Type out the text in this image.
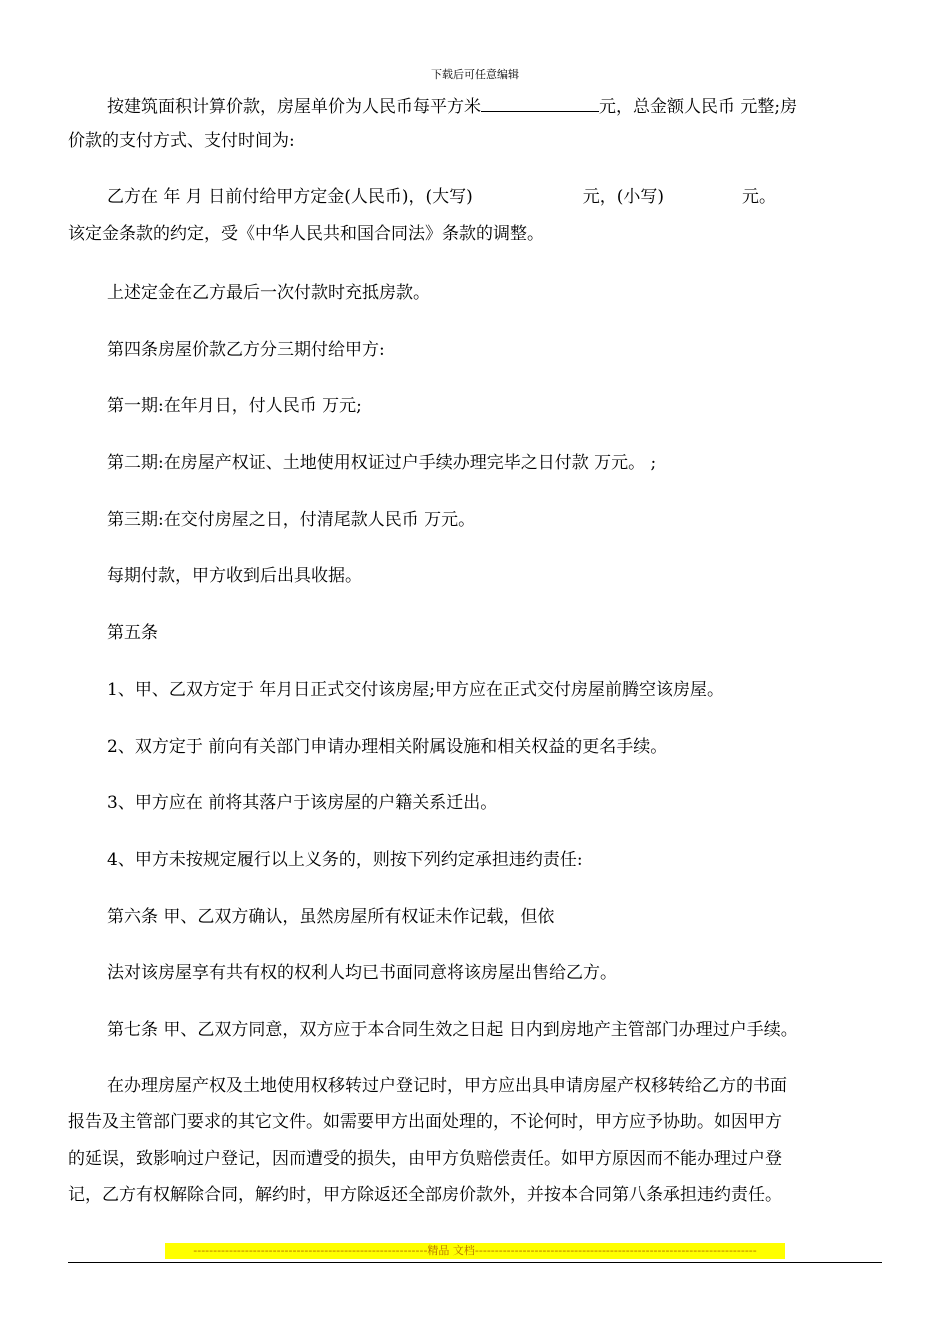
下载后可任意编辑
按建筑面积计算价款，房屋单价为人民币每平方米	元，总金额人民币 元整;房
价款的支付方式、支付时间为:
乙方在 年 月 日前付给甲方定金(人民币)，(大写)	元，(小写)	元。
该定金条款的约定，受《中华人民共和国合同法》条款的调整。
上述定金在乙方最后一次付款时充抵房款。
第四条房屋价款乙方分三期付给甲方:
第一期:在年月日，付人民币 万元;
第二期:在房屋产权证、土地使用权证过户手续办理完毕之日付款 万元。 ;
第三期:在交付房屋之日，付清尾款人民币 万元。
每期付款，甲方收到后出具收据。
第五条
1、甲、乙双方定于 年月日正式交付该房屋;甲方应在正式交付房屋前腾空该房屋。
2、双方定于 前向有关部门申请办理相关附属设施和相关权益的更名手续。
3、甲方应在 前将其落户于该房屋的户籍关系迁出。
4、甲方未按规定履行以上义务的，则按下列约定承担违约责任:
第六条 甲、乙双方确认，虽然房屋所有权证未作记载，但依
法对该房屋享有共有权的权利人均已书面同意将该房屋出售给乙方。
第七条 甲、乙双方同意，双方应于本合同生效之日起 日内到房地产主管部门办理过户手续。
在办理房屋产权及土地使用权移转过户登记时，甲方应出具申请房屋产权移转给乙方的书面
报告及主管部门要求的其它文件。如需要甲方出面处理的，不论何时，甲方应予协助。如因甲方
的延误，致影响过户登记，因而遭受的损失，由甲方负赔偿责任。如甲方原因而不能办理过户登
记，乙方有权解除合同，解约时，甲方除返还全部房价款外，并按本合同第八条承担违约责任。
-----------------------------------------------------------精品 文档-----------------------------------------------------------------------
